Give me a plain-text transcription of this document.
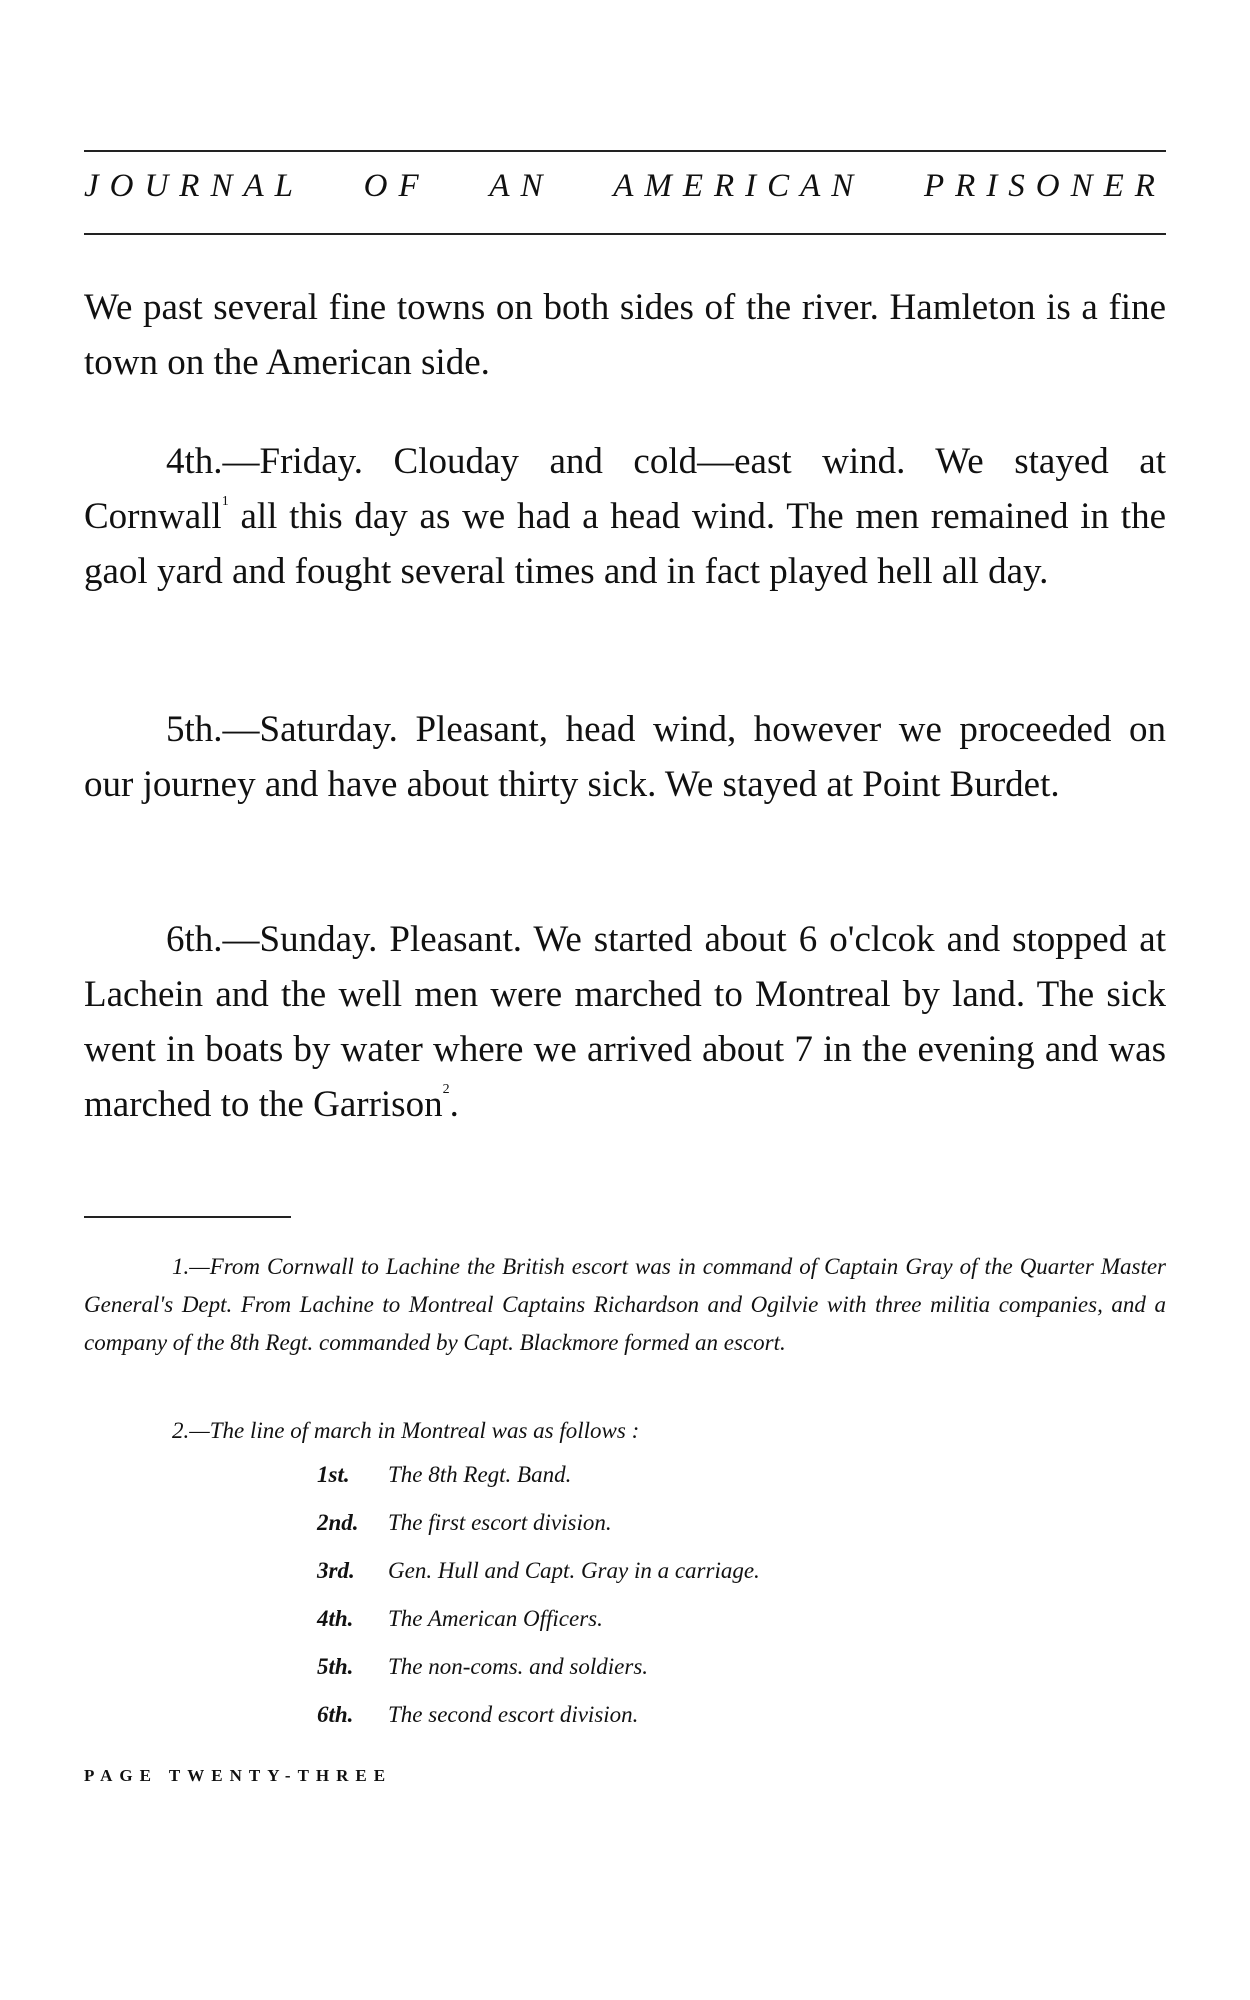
JOURNAL OF AN AMERICAN PRISONER

We past several fine towns on both sides of the river. Hamleton is a fine town on the American side.

4th.—Friday. Clouday and cold—east wind. We stayed at Cornwall$^1$ all this day as we had a head wind. The men remained in the gaol yard and fought several times and in fact played hell all day.

5th.—Saturday. Pleasant, head wind, however we proceeded on our journey and have about thirty sick. We stayed at Point Burdet.

6th.—Sunday. Pleasant. We started about 6 o'clcok and stopped at Lachein and the well men were marched to Montreal by land. The sick went in boats by water where we arrived about 7 in the evening and was marched to the Garrison$^2$.

1.—From Cornwall to Lachine the British escort was in command of Captain Gray of the Quarter Master General's Dept. From Lachine to Montreal Captains Richardson and Ogilvie with three militia companies, and a company of the 8th Regt. commanded by Capt. Blackmore formed an escort.

2.—The line of march in Montreal was as follows :

1st.	The 8th Regt. Band.
2nd.	The first escort division.
3rd.	Gen. Hull and Capt. Gray in a carriage.
4th.	The American Officers.
5th.	The non-coms. and soldiers.
6th.	The second escort division.
PAGE TWENTY-THREE
